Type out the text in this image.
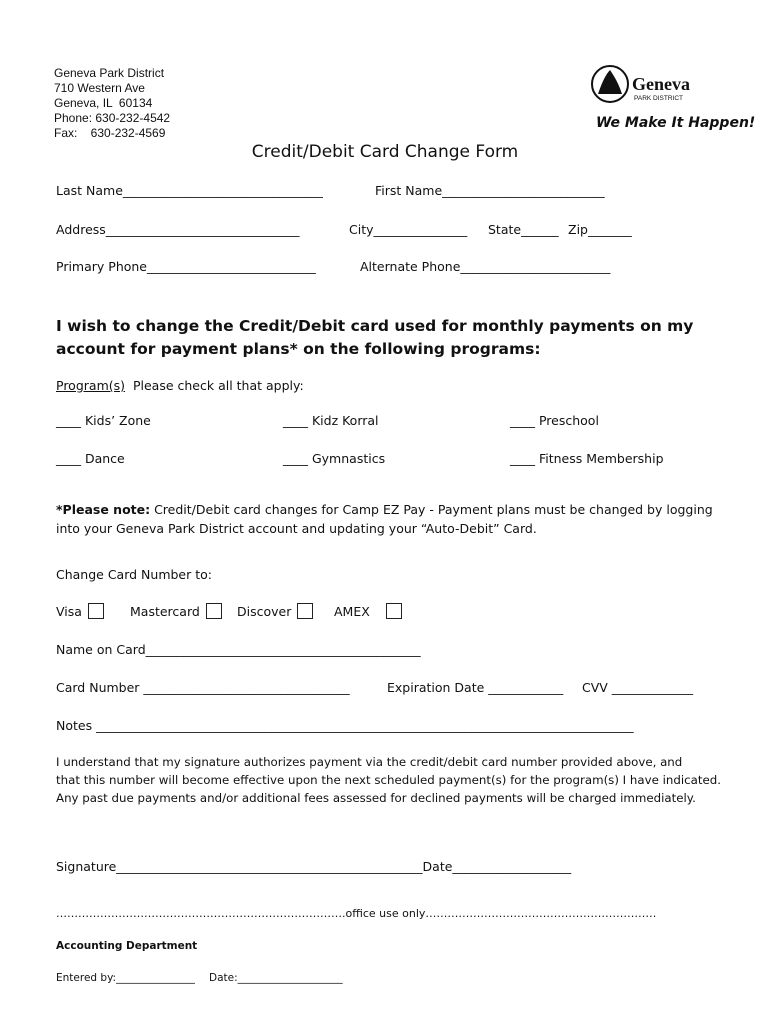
Geneva Park District
710 Western Ave
Geneva, IL  60134
Phone: 630-232-4542
Fax:    630-232-4569
Geneva
PARK DISTRICT
We Make It Happen!
Credit/Debit Card Change Form
Last Name________________________________	First Name__________________________
Address_______________________________	City_______________ State______ Zip_______
Primary Phone___________________________	Alternate Phone________________________
I wish to change the Credit/Debit card used for monthly payments on my account for payment plans* on the following programs:
Program(s) Please check all that apply:
____ Kids’ Zone	____ Kidz Korral	____ Preschool
____ Dance	____ Gymnastics	____ Fitness Membership
*Please note: Credit/Debit card changes for Camp EZ Pay - Payment plans must be changed by logging into your Geneva Park District account and updating your “Auto-Debit” Card.
Change Card Number to:
Visa	Mastercard	Discover	AMEX
Name on Card____________________________________________
Card Number _________________________________	Expiration Date ____________ CVV _____________
Notes ______________________________________________________________________________________
I understand that my signature authorizes payment via the credit/debit card number provided above, and
that this number will become effective upon the next scheduled payment(s) for the program(s) I have indicated.
Any past due payments and/or additional fees assessed for declined payments will be charged immediately.
Signature_________________________________________________Date___________________
…………………………………………………………………….office use only………………………………………………………
Accounting Department
Entered by:_______________ Date:____________________
